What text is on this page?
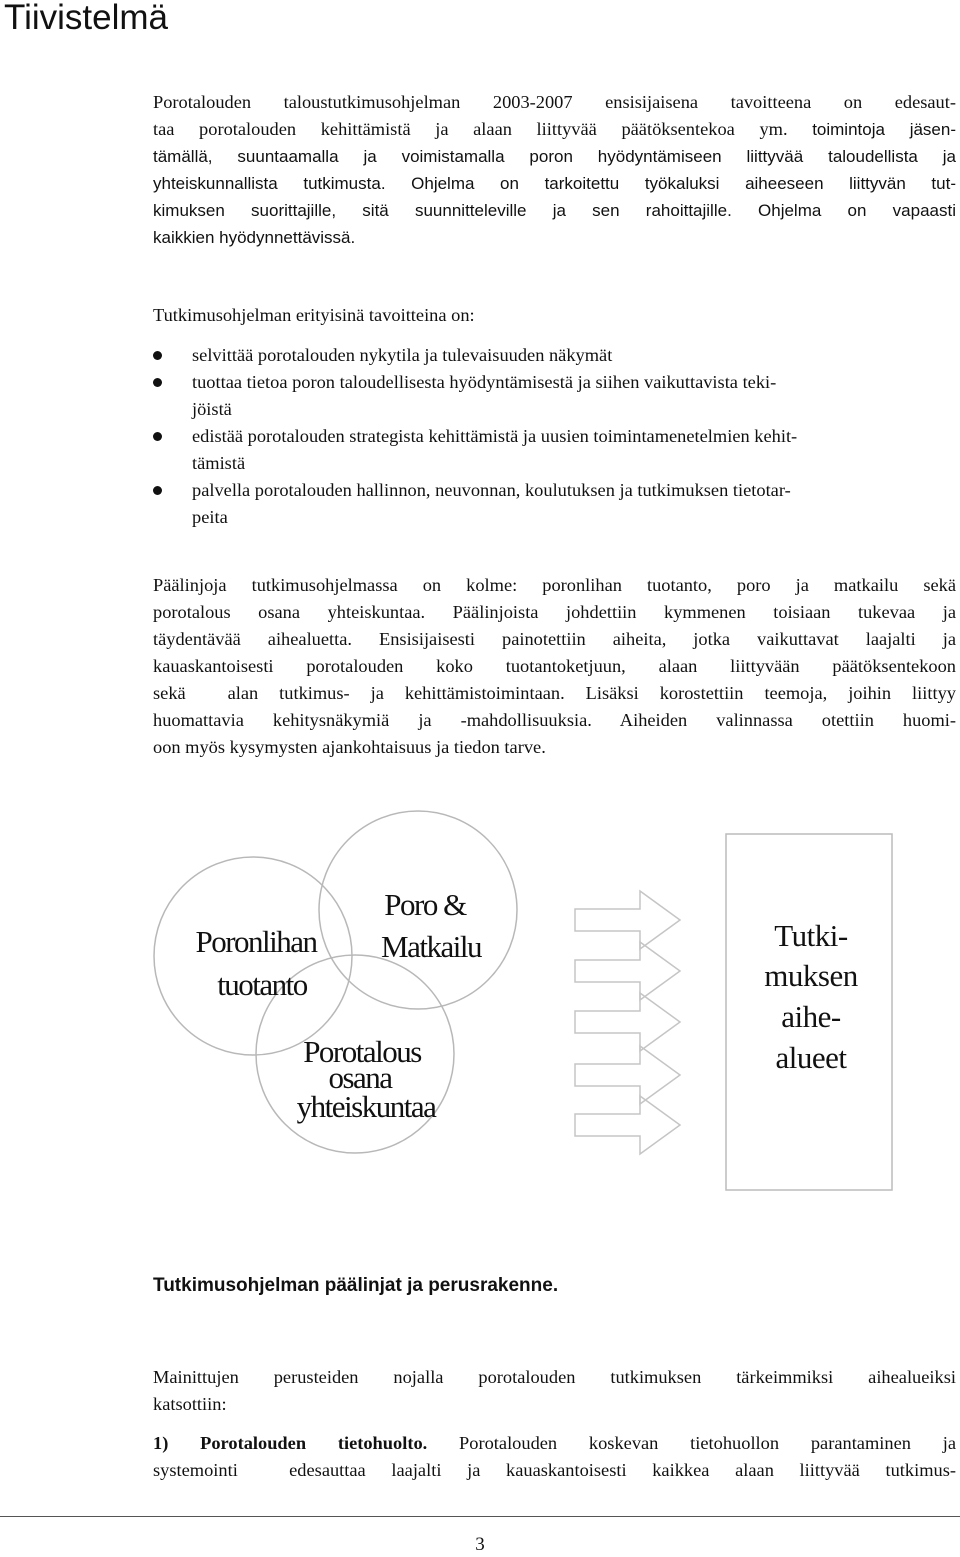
Tiivistelmä
Porotalouden taloustutkimusohjelman 2003-2007 ensisijaisena tavoitteena on edesaut-
taa porotalouden kehittämistä ja alaan liittyvää päätöksentekoa ym. toimintoja jäsen-
tämällä, suuntaamalla ja voimistamalla poron hyödyntämiseen liittyvää taloudellista ja
yhteiskunnallista tutkimusta. Ohjelma on tarkoitettu työkaluksi aiheeseen liittyvän tut-
kimuksen suorittajille, sitä suunnitteleville ja sen rahoittajille. Ohjelma on vapaasti
kaikkien hyödynnettävissä.

Tutkimusohjelman erityisinä tavoitteina on:

selvittää porotalouden nykytila ja tulevaisuuden näkymät
tuottaa tietoa poron taloudellisesta hyödyntämisestä ja siihen vaikuttavista teki-
jöistä
edistää porotalouden strategista kehittämistä ja uusien toimintamenetelmien kehit-
tämistä
palvella porotalouden hallinnon, neuvonnan, koulutuksen ja tutkimuksen tietotar-
peita
Päälinjoja tutkimusohjelmassa on kolme: poronlihan tuotanto, poro ja matkailu sekä
porotalous osana yhteiskuntaa. Päälinjoista johdettiin kymmenen toisiaan tukevaa ja
täydentävää aihealuetta. Ensisijaisesti painotettiin aiheita, jotka vaikuttavat laajalti ja
kauaskantoisesti porotalouden koko tuotantoketjuun, alaan liittyvään päätöksentekoon
sekä  alan tutkimus- ja kehittämistoimintaan. Lisäksi korostettiin teemoja, joihin liittyy
huomattavia kehitysnäkymiä ja -mahdollisuuksia. Aiheiden valinnassa otettiin huomi-
oon myös kysymysten ajankohtaisuus ja tiedon tarve.
Poronlihan
tuotanto
Poro &
Matkailu
Porotalous
osana
yhteiskuntaa
Tutki-
muksen
aihe-
alueet

Tutkimusohjelman päälinjat ja perusrakenne.

Mainittujen perusteiden nojalla porotalouden tutkimuksen tärkeimmiksi aihealueiksi
katsottiin:
1) Porotalouden tietohuolto. Porotalouden koskevan tietohuollon parantaminen ja
systemointi  edesauttaa laajalti ja kauaskantoisesti kaikkea alaan liittyvää tutkimus-
3
